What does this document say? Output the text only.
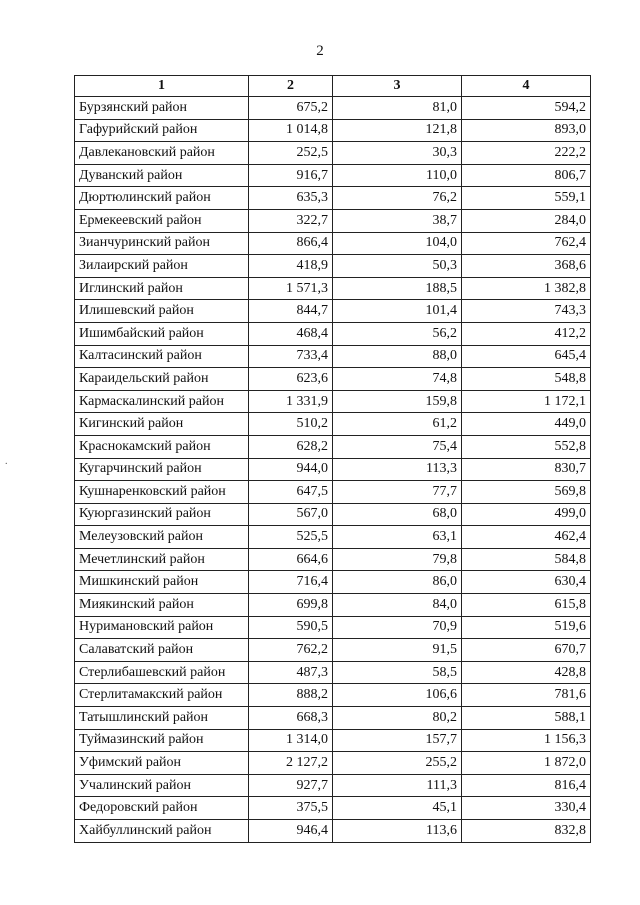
2
.
1	2	3	4
Бурзянский район	675,2	81,0	594,2
Гафурийский район	1 014,8	121,8	893,0
Давлекановский район	252,5	30,3	222,2
Дуванский район	916,7	110,0	806,7
Дюртюлинский район	635,3	76,2	559,1
Ермекеевский район	322,7	38,7	284,0
Зианчуринский район	866,4	104,0	762,4
Зилаирский район	418,9	50,3	368,6
Иглинский район	1 571,3	188,5	1 382,8
Илишевский район	844,7	101,4	743,3
Ишимбайский район	468,4	56,2	412,2
Калтасинский район	733,4	88,0	645,4
Караидельский район	623,6	74,8	548,8
Кармаскалинский район	1 331,9	159,8	1 172,1
Кигинский район	510,2	61,2	449,0
Краснокамский район	628,2	75,4	552,8
Кугарчинский район	944,0	113,3	830,7
Кушнаренковский район	647,5	77,7	569,8
Куюргазинский район	567,0	68,0	499,0
Мелеузовский район	525,5	63,1	462,4
Мечетлинский район	664,6	79,8	584,8
Мишкинский район	716,4	86,0	630,4
Миякинский район	699,8	84,0	615,8
Нуримановский район	590,5	70,9	519,6
Салаватский район	762,2	91,5	670,7
Стерлибашевский район	487,3	58,5	428,8
Стерлитамакский район	888,2	106,6	781,6
Татышлинский район	668,3	80,2	588,1
Туймазинский район	1 314,0	157,7	1 156,3
Уфимский район	2 127,2	255,2	1 872,0
Учалинский район	927,7	111,3	816,4
Федоровский район	375,5	45,1	330,4
Хайбуллинский район	946,4	113,6	832,8
